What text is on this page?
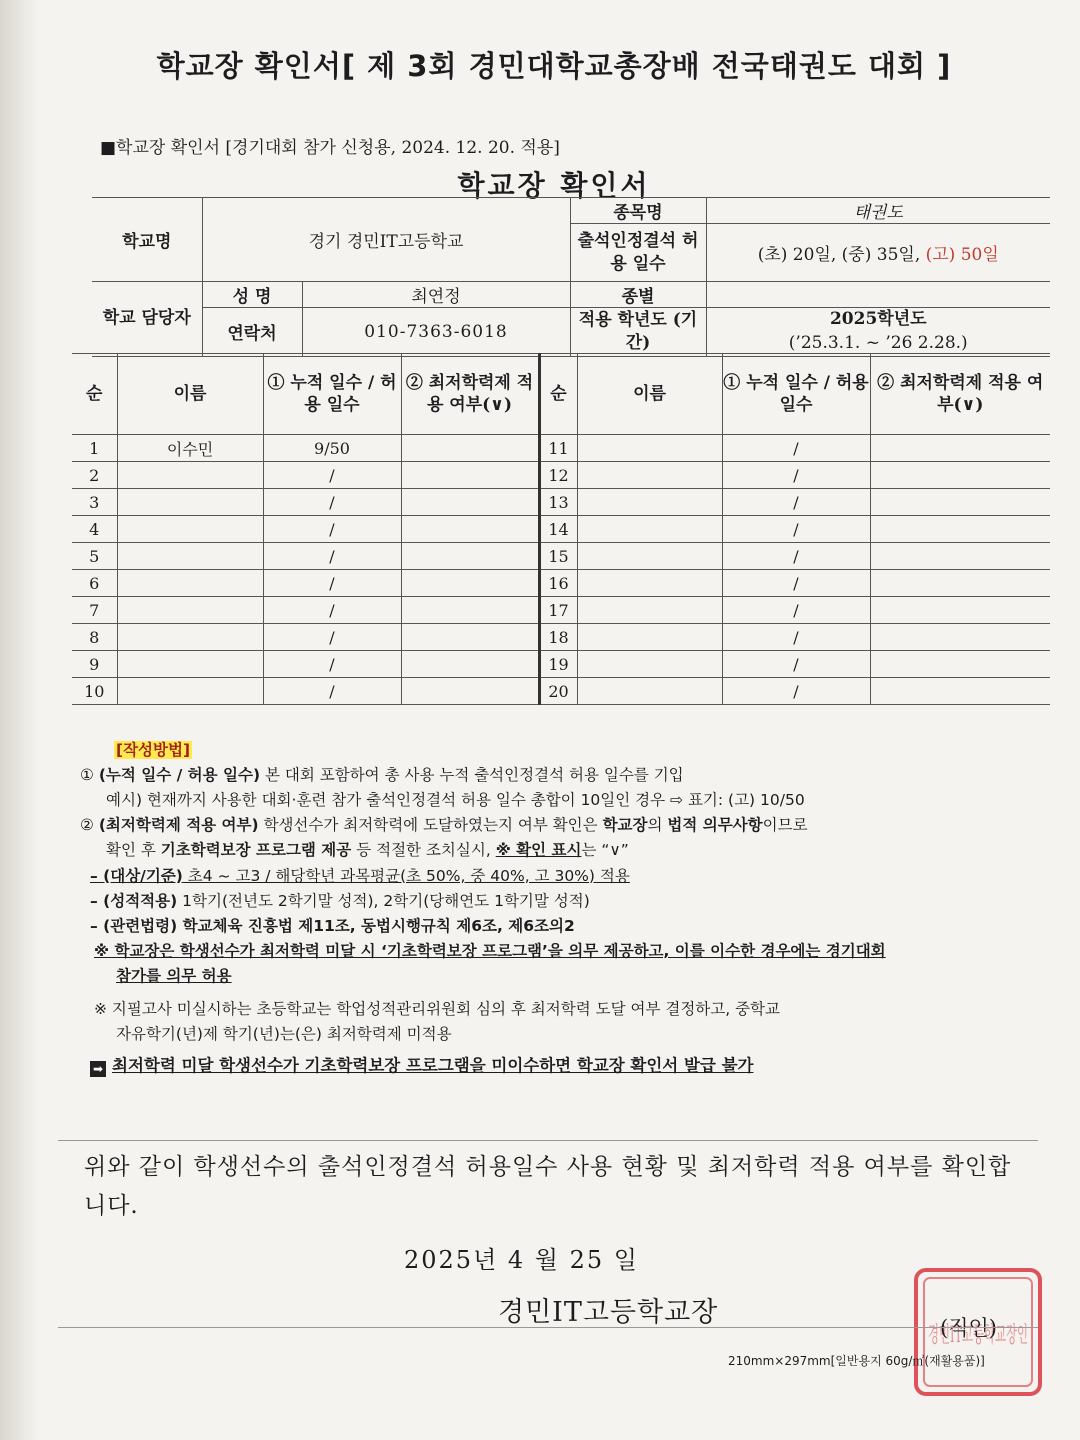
학교장 확인서[ 제 3회 경민대학교총장배 전국태권도 대회 ]
■학교장 확인서 [경기대회 참가 신청용, 2024. 12. 20. 적용]
학교장 확인서
학교명	경기 경민IT고등학교		종목명	태권도
			출석인정결석 허용 일수	(초) 20일, (중) 35일, (고) 50일

학교 담당자	성 명	최연정	종별	
	연락처	010-7363-6018	적용 학년도 (기간)	2025학년도
(’25.3.1. ~ ’26 2.28.)
순	이름	① 누적 일수 / 허용 일수	② 최저학력제 적용 여부(∨)	순	이름	① 누적 일수 / 허용 일수	② 최저학력제 적용 여부(∨)
1	이수민	9/50		11		/	
2		/		12		/	
3		/		13		/	
4		/		14		/	
5		/		15		/	
6		/		16		/	
7		/		17		/	
8		/		18		/	
9		/		19		/	
10		/		20		/	
[작성방법]
① (누적 일수 / 허용 일수) 본 대회 포함하여 총 사용 누적 출석인정결석 허용 일수를 기입
예시) 현재까지 사용한 대회·훈련 참가 출석인정결석 허용 일수 총합이 10일인 경우 ⇨ 표기: (고) 10/50
② (최저학력제 적용 여부) 학생선수가 최저학력에 도달하였는지 여부 확인은 학교장의 법적 의무사항이므로
확인 후 기초학력보장 프로그램 제공 등 적절한 조치실시, ※ 확인 표시는 “∨”
– (대상/기준) 초4 ~ 고3 / 해당학년 과목평균(초 50%, 중 40%, 고 30%) 적용
– (성적적용) 1학기(전년도 2학기말 성적), 2학기(당해연도 1학기말 성적)
– (관련법령) 학교체육 진흥법 제11조, 동법시행규칙 제6조, 제6조의2
※ 학교장은 학생선수가 최저학력 미달 시 ‘기초학력보장 프로그램’을 의무 제공하고, 이를 이수한 경우에는 경기대회
참가를 의무 허용
※ 지필고사 미실시하는 초등학교는 학업성적관리위원회 심의 후 최저학력 도달 여부 결정하고, 중학교
자유학기(년)제 학기(년)는(은) 최저학력제 미적용
➡ 최저학력 미달 학생선수가 기초학력보장 프로그램을 미이수하면 학교장 확인서 발급 불가
위와 같이 학생선수의 출석인정결석 허용일수 사용 현황 및 최저학력 적용 여부를 확인합니다.
2025년 4 월 25 일
경민IT고등학교장
경민IT고등학교장인
(직인)
210mm×297mm[일반용지 60g/㎡(재활용품)]
